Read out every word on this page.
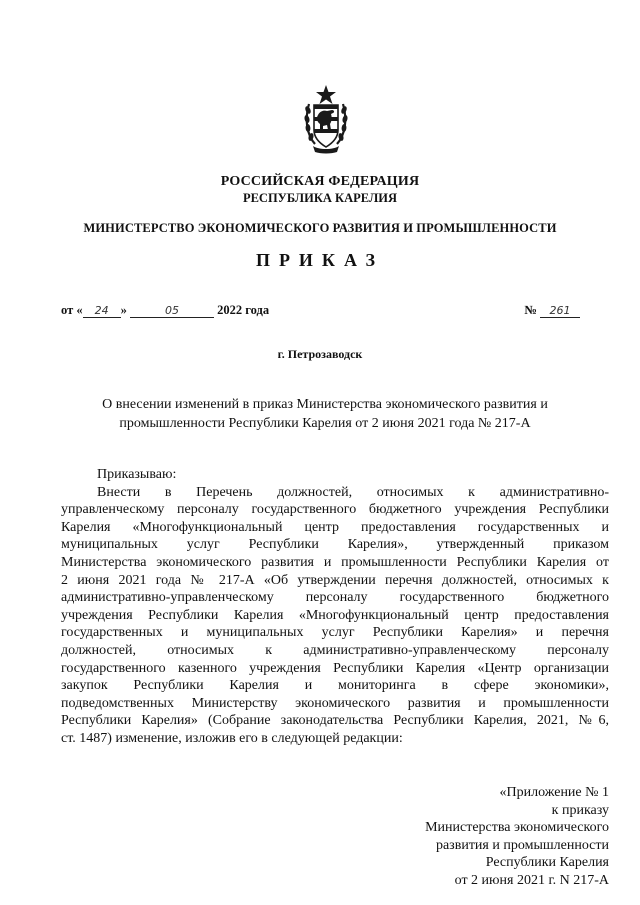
РОССИЙСКАЯ ФЕДЕРАЦИЯ
РЕСПУБЛИКА КАРЕЛИЯ
МИНИСТЕРСТВО ЭКОНОМИЧЕСКОГО РАЗВИТИЯ И ПРОМЫШЛЕННОСТИ
ПРИКАЗ
от « 24 »	05	2022 года	№ 261
г. Петрозаводск
О внесении изменений в приказ Министерства экономического развития и
промышленности Республики Карелия от 2 июня 2021 года № 217-А
Приказываю:
Внести в Перечень должностей, относимых к административно-
управленческому персоналу государственного бюджетного учреждения Республики
Карелия «Многофункциональный центр предоставления государственных и
муниципальных услуг Республики Карелия», утвержденный приказом
Министерства экономического развития и промышленности Республики Карелия от
2 июня 2021 года № 217-А «Об утверждении перечня должностей, относимых к
административно-управленческому персоналу государственного бюджетного
учреждения Республики Карелия «Многофункциональный центр предоставления
государственных и муниципальных услуг Республики Карелия» и перечня
должностей, относимых к административно-управленческому персоналу
государственного казенного учреждения Республики Карелия «Центр организации
закупок Республики Карелия и мониторинга в сфере экономики»,
подведомственных Министерству экономического развития и промышленности
Республики Карелия» (Собрание законодательства Республики Карелия, 2021, №6,
ст. 1487) изменение, изложив его в следующей редакции:
«Приложение № 1
к приказу
Министерства экономического
развития и промышленности
Республики Карелия
от 2 июня 2021 г. N 217-А
